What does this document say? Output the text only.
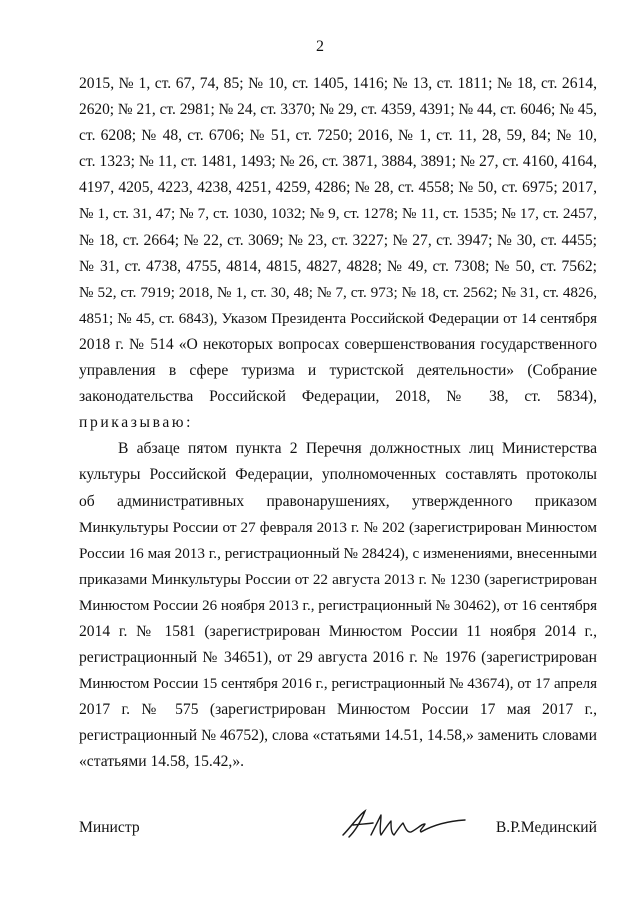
2
2015, № 1, ст. 67, 74, 85; № 10, ст. 1405, 1416; № 13, ст. 1811; № 18, ст. 2614,
2620; № 21, ст. 2981; № 24, ст. 3370; № 29, ст. 4359, 4391; № 44, ст. 6046; № 45,
ст. 6208; № 48, ст. 6706; № 51, ст. 7250; 2016, № 1, ст. 11, 28, 59, 84; № 10,
ст. 1323; № 11, ст. 1481, 1493; № 26, ст. 3871, 3884, 3891; № 27, ст. 4160, 4164,
4197, 4205, 4223, 4238, 4251, 4259, 4286; № 28, ст. 4558; № 50, ст. 6975; 2017,
№ 1, ст. 31, 47; № 7, ст. 1030, 1032; № 9, ст. 1278; № 11, ст. 1535; № 17, ст. 2457,
№ 18, ст. 2664; № 22, ст. 3069; № 23, ст. 3227; № 27, ст. 3947; № 30, ст. 4455;
№ 31, ст. 4738, 4755, 4814, 4815, 4827, 4828; № 49, ст. 7308; № 50, ст. 7562;
№ 52, ст. 7919; 2018, № 1, ст. 30, 48; № 7, ст. 973; № 18, ст. 2562; № 31, ст. 4826,
4851; № 45, ст. 6843), Указом Президента Российской Федерации от 14 сентября
2018 г. № 514 «О некоторых вопросах совершенствования государственного
управления в сфере туризма и туристской деятельности» (Собрание
законодательства Российской Федерации, 2018, № 38, ст. 5834),
приказываю:
В абзаце пятом пункта 2 Перечня должностных лиц Министерства
культуры Российской Федерации, уполномоченных составлять протоколы
об административных правонарушениях, утвержденного приказом
Минкультуры России от 27 февраля 2013 г. № 202 (зарегистрирован Минюстом
России 16 мая 2013 г., регистрационный № 28424), с изменениями, внесенными
приказами Минкультуры России от 22 августа 2013 г. № 1230 (зарегистрирован
Минюстом России 26 ноября 2013 г., регистрационный № 30462), от 16 сентября
2014 г. № 1581 (зарегистрирован Минюстом России 11 ноября 2014 г.,
регистрационный № 34651), от 29 августа 2016 г. № 1976 (зарегистрирован
Минюстом России 15 сентября 2016 г., регистрационный № 43674), от 17 апреля
2017 г. № 575 (зарегистрирован Минюстом России 17 мая 2017 г.,
регистрационный № 46752), слова «статьями 14.51, 14.58,» заменить словами
«статьями 14.58, 15.42,».
Министр	В.Р.Мединский
